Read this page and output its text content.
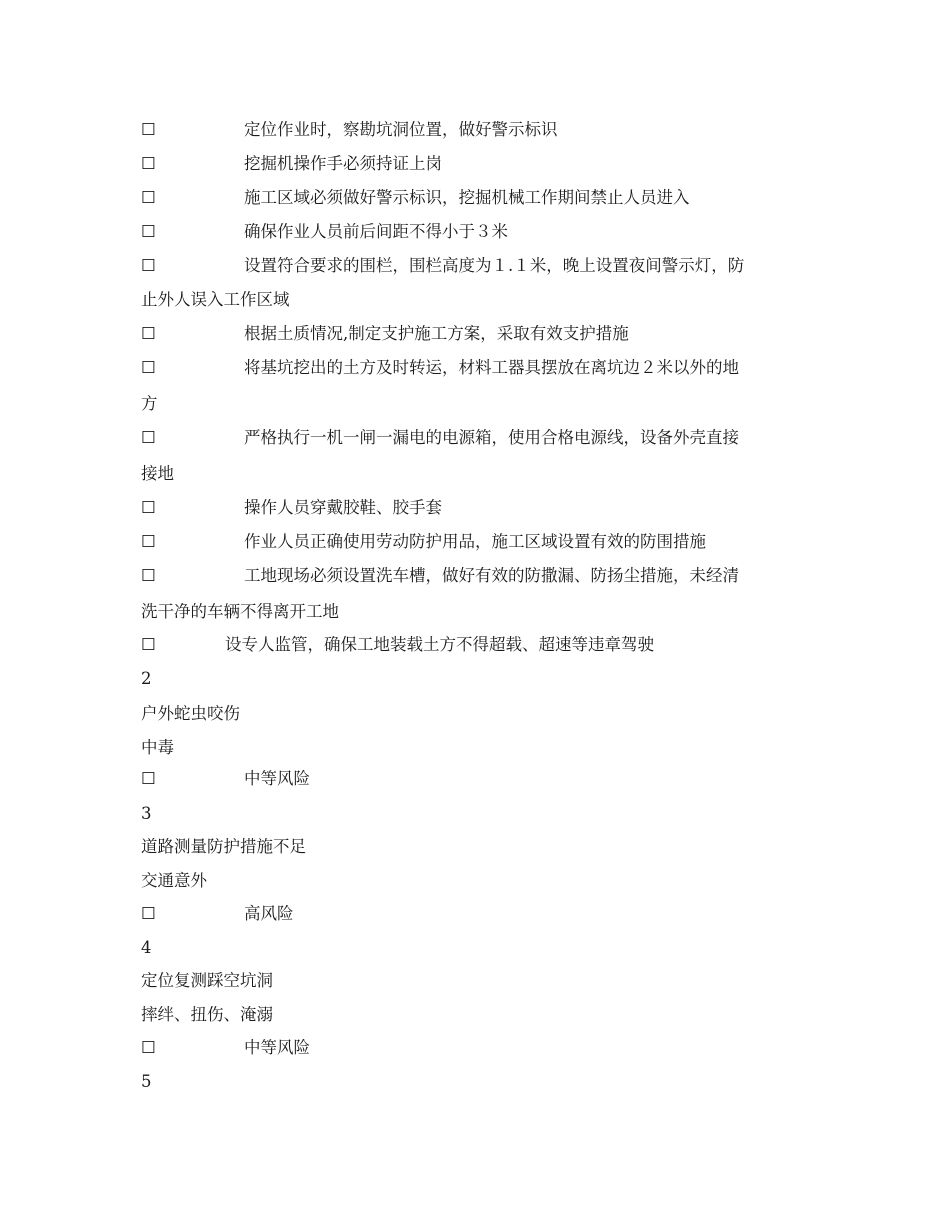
☐	定位作业时，察勘坑洞位置，做好警示标识
☐	挖掘机操作手必须持证上岗
☐	施工区域必须做好警示标识，挖掘机械工作期间禁止人员进入
☐	确保作业人员前后间距不得小于３米
☐	设置符合要求的围栏，围栏高度为１.１米，晚上设置夜间警示灯，防
止外人误入工作区域
☐	根据土质情况,制定支护施工方案，采取有效支护措施
☐	将基坑挖出的土方及时转运，材料工器具摆放在离坑边２米以外的地
方
☐	严格执行一机一闸一漏电的电源箱，使用合格电源线，设备外壳直接
接地
☐	操作人员穿戴胶鞋、胶手套
☐	作业人员正确使用劳动防护用品，施工区域设置有效的防围措施
☐	工地现场必须设置洗车槽，做好有效的防撒漏、防扬尘措施，未经清
洗干净的车辆不得离开工地
☐	设专人监管，确保工地装载土方不得超载、超速等违章驾驶
2
户外蛇虫咬伤
中毒
☐	中等风险
3
道路测量防护措施不足
交通意外
☐	高风险
4
定位复测踩空坑洞
摔绊、扭伤、淹溺
☐	中等风险
5
